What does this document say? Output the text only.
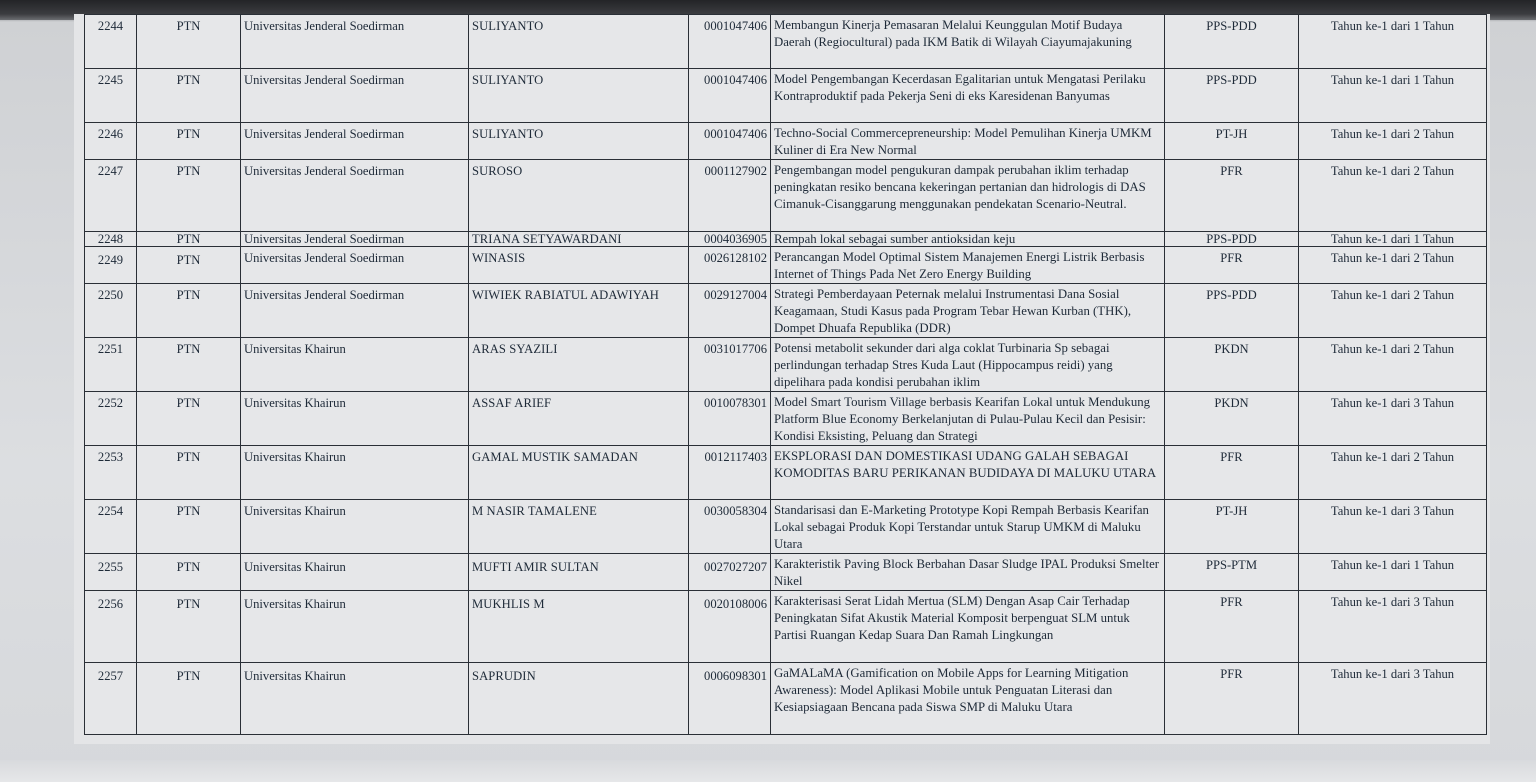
2244	PTN	Universitas Jenderal Soedirman	SULIYANTO	0001047406	Membangun Kinerja Pemasaran Melalui Keunggulan Motif Budaya Daerah (Regiocultural) pada IKM Batik di Wilayah Ciayumajakuning	PPS-PDD	Tahun ke-1 dari 1 Tahun
2245	PTN	Universitas Jenderal Soedirman	SULIYANTO	0001047406	Model Pengembangan Kecerdasan Egalitarian untuk Mengatasi Perilaku Kontraproduktif pada Pekerja Seni di eks Karesidenan Banyumas	PPS-PDD	Tahun ke-1 dari 1 Tahun
2246	PTN	Universitas Jenderal Soedirman	SULIYANTO	0001047406	Techno-Social Commercepreneurship: Model Pemulihan Kinerja UMKM Kuliner di Era New Normal	PT-JH	Tahun ke-1 dari 2 Tahun
2247	PTN	Universitas Jenderal Soedirman	SUROSO	0001127902	Pengembangan model pengukuran dampak perubahan iklim terhadap peningkatan resiko bencana kekeringan pertanian dan hidrologis di DAS Cimanuk-Cisanggarung menggunakan pendekatan Scenario-Neutral.	PFR	Tahun ke-1 dari 2 Tahun
2248	PTN	Universitas Jenderal Soedirman	TRIANA SETYAWARDANI	0004036905	Rempah lokal sebagai sumber antioksidan keju	PPS-PDD	Tahun ke-1 dari 1 Tahun
2249	PTN	Universitas Jenderal Soedirman	WINASIS	0026128102	Perancangan Model Optimal Sistem Manajemen Energi Listrik Berbasis Internet of Things Pada Net Zero Energy Building	PFR	Tahun ke-1 dari 2 Tahun
2250	PTN	Universitas Jenderal Soedirman	WIWIEK RABIATUL ADAWIYAH	0029127004	Strategi Pemberdayaan Peternak melalui Instrumentasi Dana Sosial Keagamaan, Studi Kasus pada Program Tebar Hewan Kurban (THK), Dompet Dhuafa Republika (DDR)	PPS-PDD	Tahun ke-1 dari 2 Tahun
2251	PTN	Universitas Khairun	ARAS SYAZILI	0031017706	Potensi metabolit sekunder dari alga coklat Turbinaria Sp sebagai perlindungan terhadap Stres Kuda Laut (Hippocampus reidi) yang dipelihara pada kondisi perubahan iklim	PKDN	Tahun ke-1 dari 2 Tahun
2252	PTN	Universitas Khairun	ASSAF ARIEF	0010078301	Model Smart Tourism Village berbasis Kearifan Lokal untuk Mendukung Platform Blue Economy Berkelanjutan di Pulau-Pulau Kecil dan Pesisir: Kondisi Eksisting, Peluang dan Strategi	PKDN	Tahun ke-1 dari 3 Tahun
2253	PTN	Universitas Khairun	GAMAL MUSTIK SAMADAN	0012117403	EKSPLORASI DAN DOMESTIKASI UDANG GALAH SEBAGAI KOMODITAS BARU PERIKANAN BUDIDAYA DI MALUKU UTARA	PFR	Tahun ke-1 dari 2 Tahun
2254	PTN	Universitas Khairun	M NASIR TAMALENE	0030058304	Standarisasi dan E-Marketing Prototype Kopi Rempah Berbasis Kearifan Lokal sebagai Produk Kopi Terstandar untuk Starup UMKM di Maluku Utara	PT-JH	Tahun ke-1 dari 3 Tahun
2255	PTN	Universitas Khairun	MUFTI AMIR SULTAN	0027027207	Karakteristik Paving Block Berbahan Dasar Sludge IPAL Produksi Smelter Nikel	PPS-PTM	Tahun ke-1 dari 1 Tahun
2256	PTN	Universitas Khairun	MUKHLIS M	0020108006	Karakterisasi Serat Lidah Mertua (SLM) Dengan Asap Cair Terhadap Peningkatan Sifat Akustik Material Komposit berpenguat SLM untuk Partisi Ruangan Kedap Suara Dan Ramah Lingkungan	PFR	Tahun ke-1 dari 3 Tahun
2257	PTN	Universitas Khairun	SAPRUDIN	0006098301	GaMALaMA (Gamification on Mobile Apps for Learning Mitigation Awareness): Model Aplikasi Mobile untuk Penguatan Literasi dan Kesiapsiagaan Bencana pada Siswa SMP di Maluku Utara	PFR	Tahun ke-1 dari 3 Tahun
